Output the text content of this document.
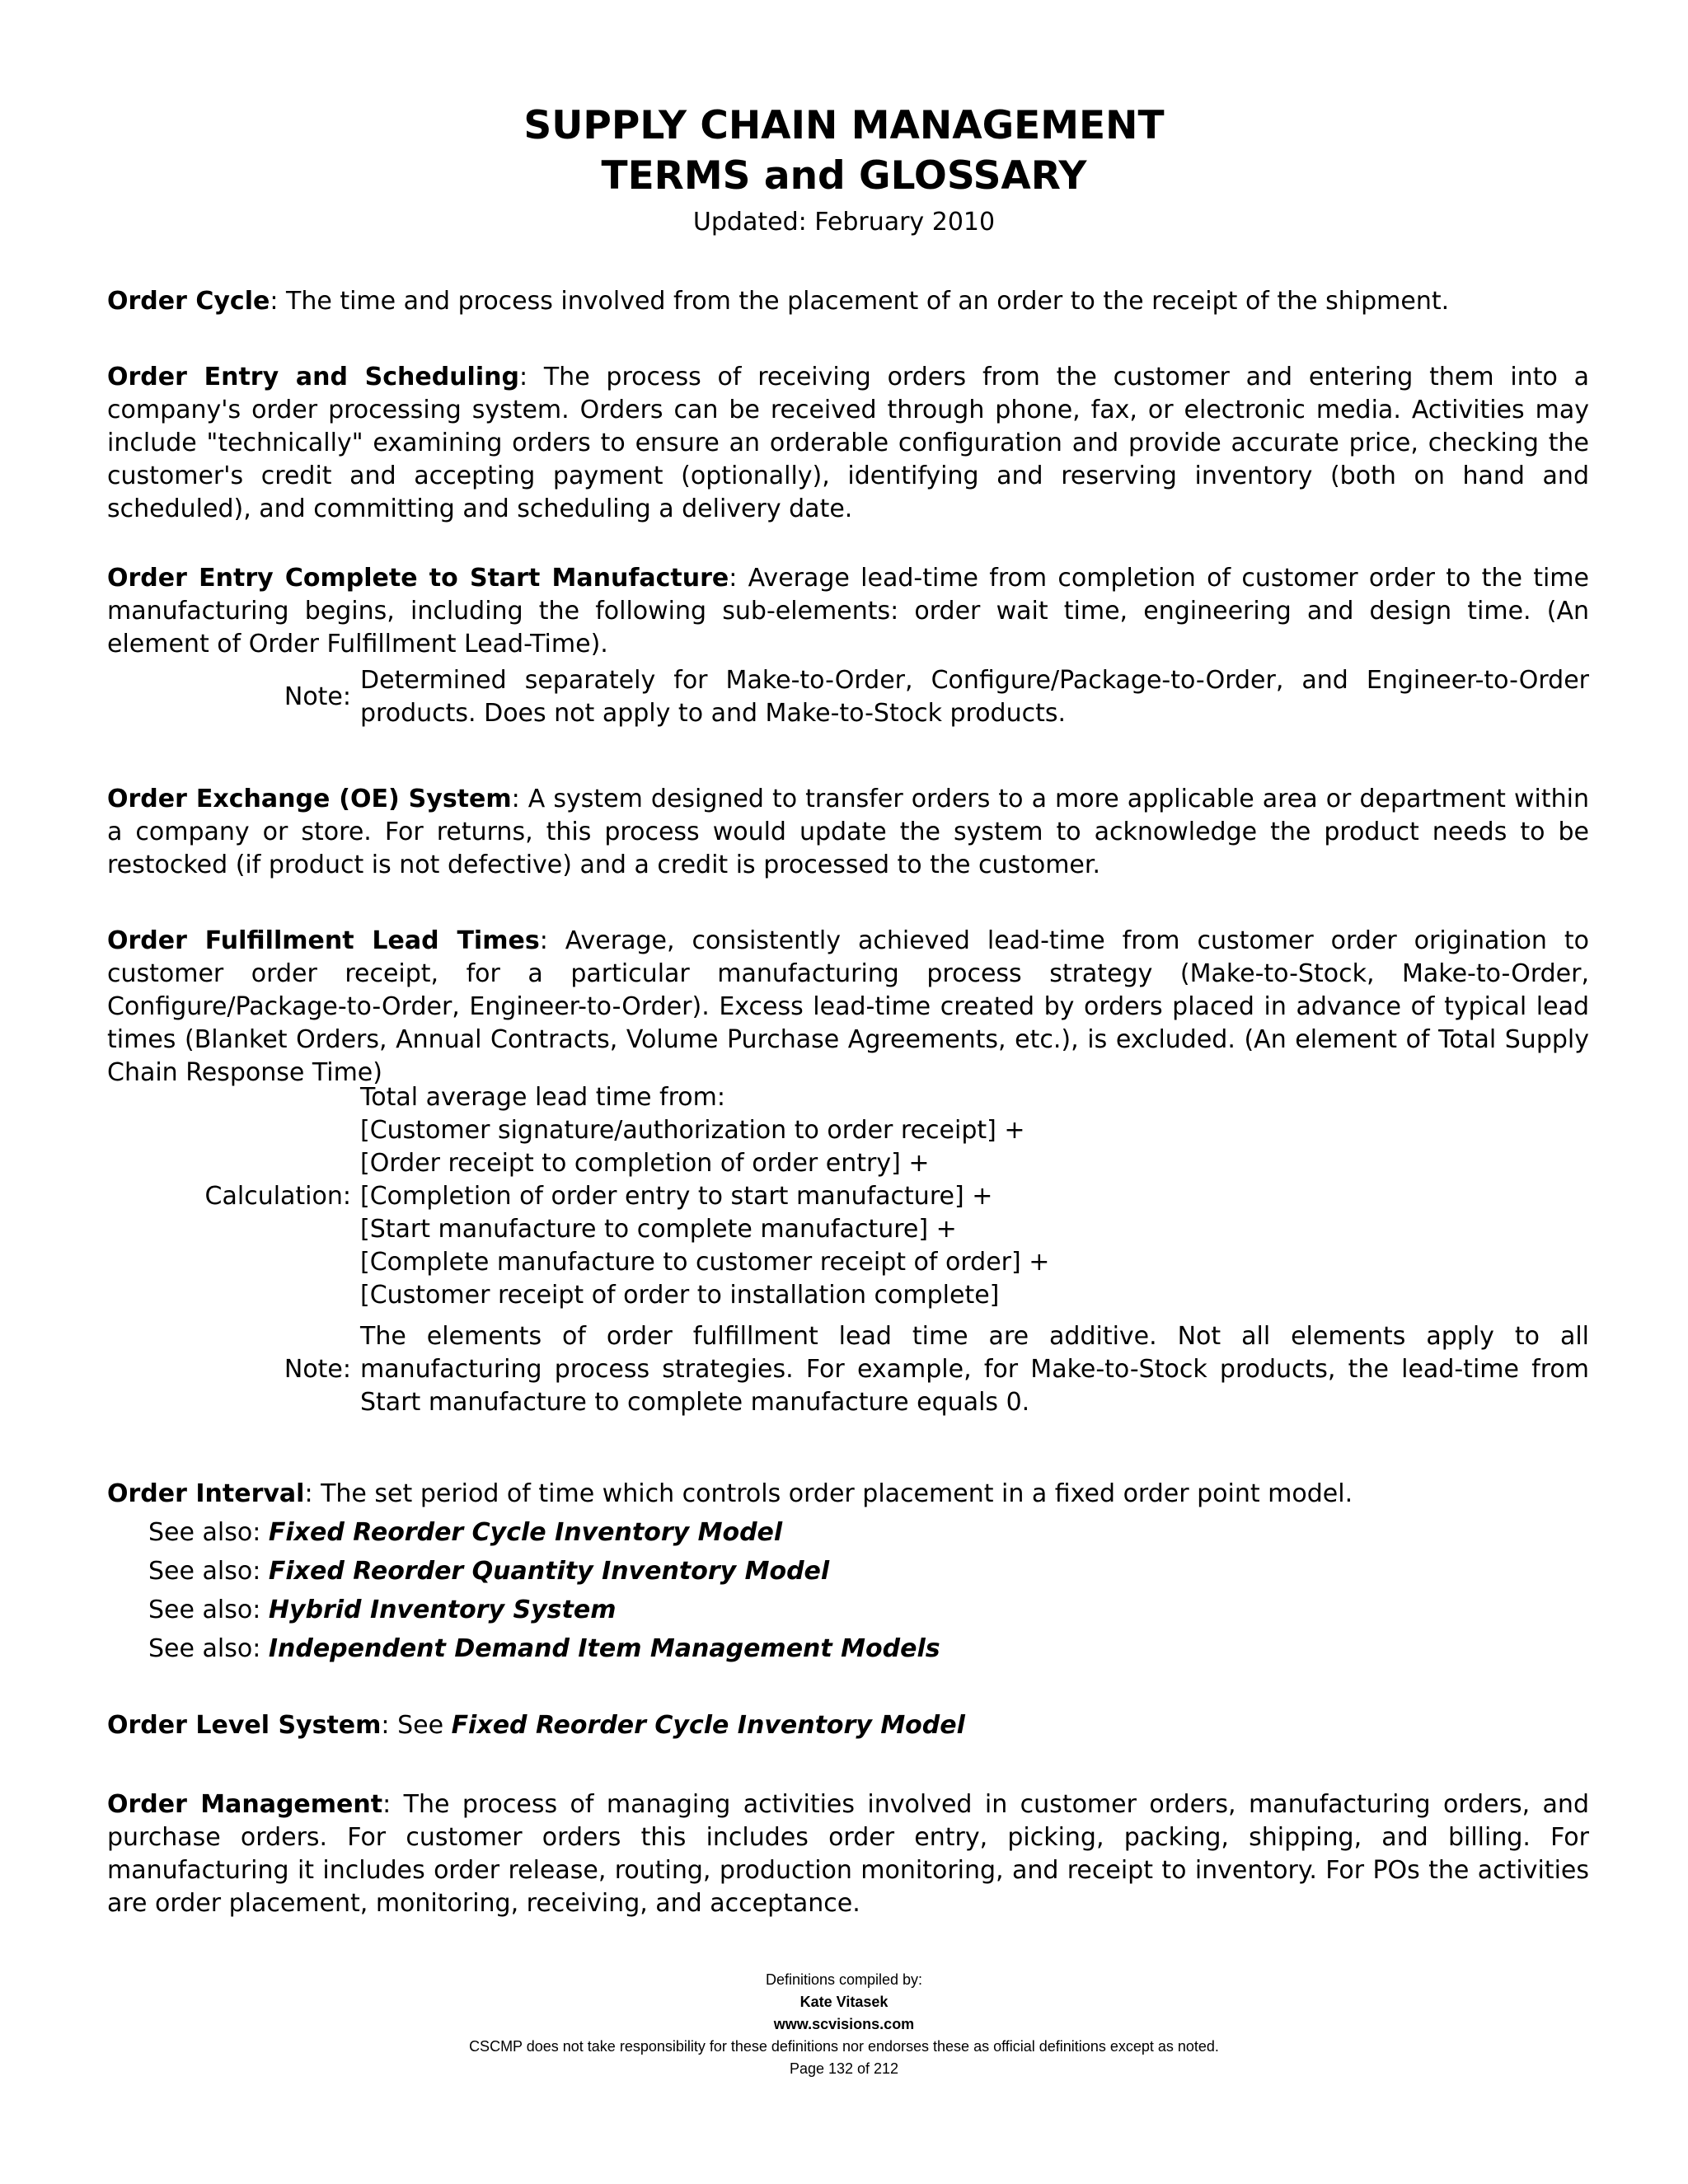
SUPPLY CHAIN MANAGEMENT
TERMS and GLOSSARY
Updated: February 2010

Order Cycle: The time and process involved from the placement of an order to the receipt of the shipment.

Order Entry and Scheduling: The process of receiving orders from the customer and entering them into a company's order processing system. Orders can be received through phone, fax, or electronic media. Activities may include "technically" examining orders to ensure an orderable configuration and provide accurate price, checking the customer's credit and accepting payment (optionally), identifying and reserving inventory (both on hand and scheduled), and committing and scheduling a delivery date.

Order Entry Complete to Start Manufacture: Average lead-time from completion of customer order to the time manufacturing begins, including the following sub-elements: order wait time, engineering and design time. (An element of Order Fulfillment Lead-Time).

Note:

Determined separately for Make-to-Order, Configure/Package-to-Order, and Engineer-to-Order products. Does not apply to and Make-to-Stock products.

Order Exchange (OE) System: A system designed to transfer orders to a more applicable area or department within a company or store. For returns, this process would update the system to acknowledge the product needs to be restocked (if product is not defective) and a credit is processed to the customer.

Order Fulfillment Lead Times: Average, consistently achieved lead-time from customer order origination to customer order receipt, for a particular manufacturing process strategy (Make-to-Stock, Make-to-Order, Configure/Package-to-Order, Engineer-to-Order). Excess lead-time created by orders placed in advance of typical lead times (Blanket Orders, Annual Contracts, Volume Purchase Agreements, etc.), is excluded. (An element of Total Supply Chain Response Time)

Calculation:
Total average lead time from:
[Customer signature/authorization to order receipt] +
[Order receipt to completion of order entry] +
[Completion of order entry to start manufacture] +
[Start manufacture to complete manufacture] +
[Complete manufacture to customer receipt of order] +
[Customer receipt of order to installation complete]
Note:

The elements of order fulfillment lead time are additive. Not all elements apply to all manufacturing process strategies. For example, for Make-to-Stock products, the lead-time from Start manufacture to complete manufacture equals 0.

Order Interval: The set period of time which controls order placement in a fixed order point model.

See also: Fixed Reorder Cycle Inventory Model
See also: Fixed Reorder Quantity Inventory Model
See also: Hybrid Inventory System
See also: Independent Demand Item Management Models

Order Level System: See Fixed Reorder Cycle Inventory Model

Order Management: The process of managing activities involved in customer orders, manufacturing orders, and purchase orders. For customer orders this includes order entry, picking, packing, shipping, and billing. For manufacturing it includes order release, routing, production monitoring, and receipt to inventory. For POs the activities are order placement, monitoring, receiving, and acceptance.

Definitions compiled by:
Kate Vitasek
www.scvisions.com
CSCMP does not take responsibility for these definitions nor endorses these as official definitions except as noted.
Page 132 of 212
